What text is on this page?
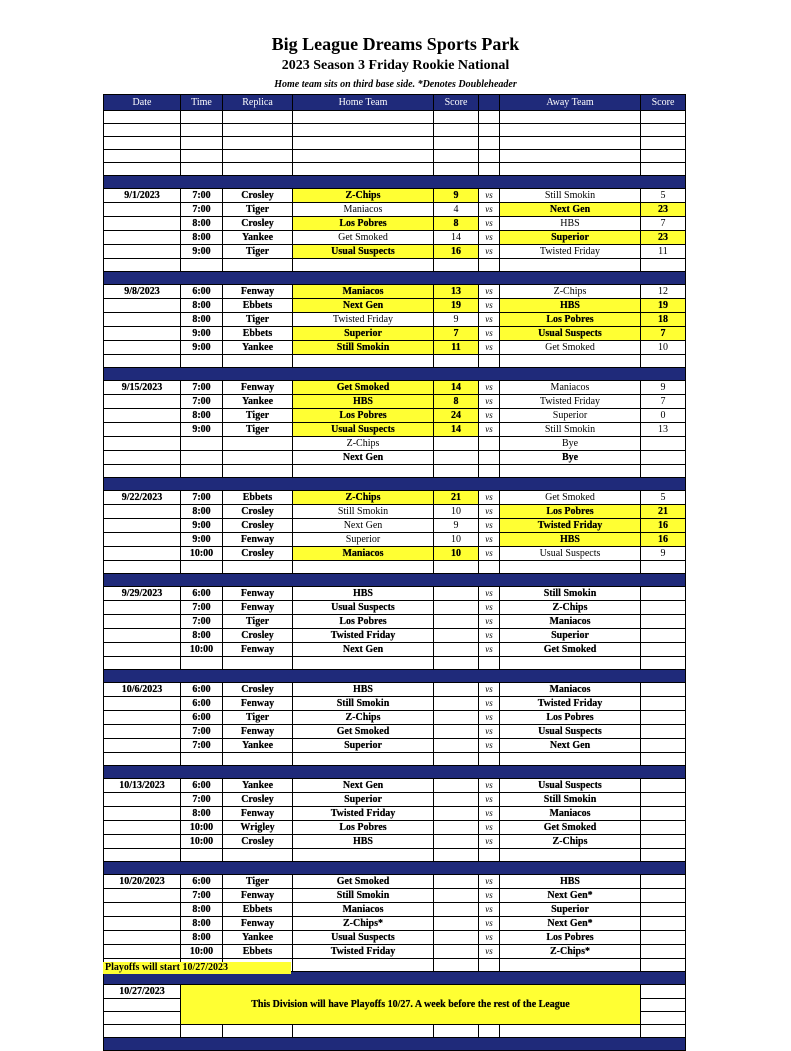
Big League Dreams Sports Park
2023 Season 3 Friday Rookie National
Home team sits on third base side. *Denotes Doubleheader
Date	Time	Replica	Home Team	Score		Away Team	Score

9/1/2023	7:00	Crosley	Z-Chips	9	vs	Still Smokin	5
	7:00	Tiger	Maniacos	4	vs	Next Gen	23
	8:00	Crosley	Los Pobres	8	vs	HBS	7
	8:00	Yankee	Get Smoked	14	vs	Superior	23
	9:00	Tiger	Usual Suspects	16	vs	Twisted Friday	11

9/8/2023	6:00	Fenway	Maniacos	13	vs	Z-Chips	12
	8:00	Ebbets	Next Gen	19	vs	HBS	19
	8:00	Tiger	Twisted Friday	9	vs	Los Pobres	18
	9:00	Ebbets	Superior	7	vs	Usual Suspects	7
	9:00	Yankee	Still Smokin	11	vs	Get Smoked	10

9/15/2023	7:00	Fenway	Get Smoked	14	vs	Maniacos	9
	7:00	Yankee	HBS	8	vs	Twisted Friday	7
	8:00	Tiger	Los Pobres	24	vs	Superior	0
	9:00	Tiger	Usual Suspects	14	vs	Still Smokin	13
			Z-Chips			Bye	
			Next Gen			Bye	

9/22/2023	7:00	Ebbets	Z-Chips	21	vs	Get Smoked	5
	8:00	Crosley	Still Smokin	10	vs	Los Pobres	21
	9:00	Crosley	Next Gen	9	vs	Twisted Friday	16
	9:00	Fenway	Superior	10	vs	HBS	16
	10:00	Crosley	Maniacos	10	vs	Usual Suspects	9

9/29/2023	6:00	Fenway	HBS		vs	Still Smokin	
	7:00	Fenway	Usual Suspects		vs	Z-Chips	
	7:00	Tiger	Los Pobres		vs	Maniacos	
	8:00	Crosley	Twisted Friday		vs	Superior	
	10:00	Fenway	Next Gen		vs	Get Smoked	

10/6/2023	6:00	Crosley	HBS		vs	Maniacos	
	6:00	Fenway	Still Smokin		vs	Twisted Friday	
	6:00	Tiger	Z-Chips		vs	Los Pobres	
	7:00	Fenway	Get Smoked		vs	Usual Suspects	
	7:00	Yankee	Superior		vs	Next Gen	

10/13/2023	6:00	Yankee	Next Gen		vs	Usual Suspects	
	7:00	Crosley	Superior		vs	Still Smokin	
	8:00	Fenway	Twisted Friday		vs	Maniacos	
	10:00	Wrigley	Los Pobres		vs	Get Smoked	
	10:00	Crosley	HBS		vs	Z-Chips	

10/20/2023	6:00	Tiger	Get Smoked		vs	HBS	
	7:00	Fenway	Still Smokin		vs	Next Gen*	
	8:00	Ebbets	Maniacos		vs	Superior	
	8:00	Fenway	Z-Chips*		vs	Next Gen*	
	8:00	Yankee	Usual Suspects		vs	Los Pobres	
	10:00	Ebbets	Twisted Friday		vs	Z-Chips*	

10/27/2023	This Division will have Playoffs 10/27. A week before the rest of the League						

Playoffs will start 10/27/2023
